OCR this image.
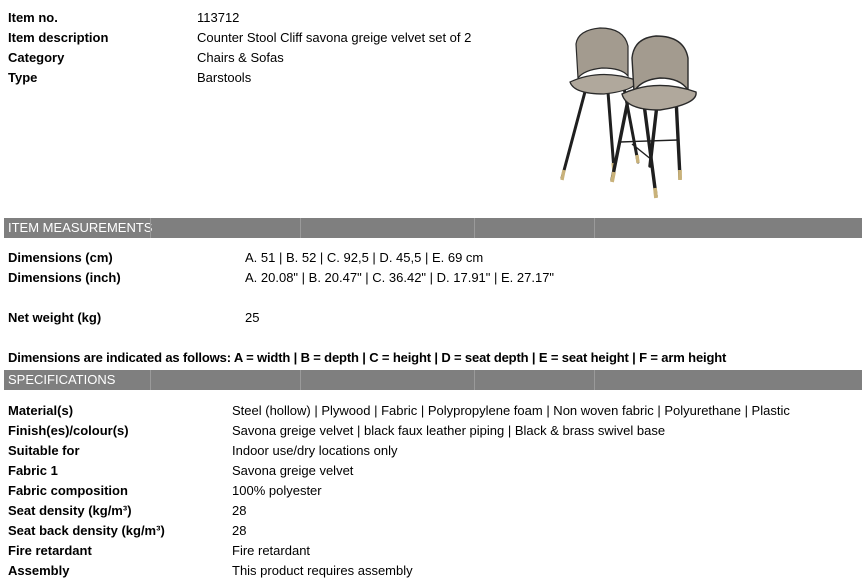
Item no.	113712
Item description	Counter Stool Cliff savona greige velvet set of 2
Category	Chairs & Sofas
Type	Barstools
ITEM MEASUREMENTS
Dimensions (cm)	A. 51 | B. 52 | C. 92,5 | D. 45,5 | E. 69 cm
Dimensions (inch)	A. 20.08" | B. 20.47" | C. 36.42" | D. 17.91" | E. 27.17"
Net weight (kg)	25
Dimensions are indicated as follows: A = width | B = depth | C = height | D = seat depth | E = seat height | F = arm height
SPECIFICATIONS
Material(s)	Steel (hollow) | Plywood | Fabric | Polypropylene foam | Non woven fabric | Polyurethane | Plastic
Finish(es)/colour(s)	Savona greige velvet | black faux leather piping | Black & brass swivel base
Suitable for	Indoor use/dry locations only
Fabric 1	Savona greige velvet
Fabric composition	100% polyester
Seat density (kg/m³)	28
Seat back density (kg/m³)	28
Fire retardant	Fire retardant
Assembly	This product requires assembly
